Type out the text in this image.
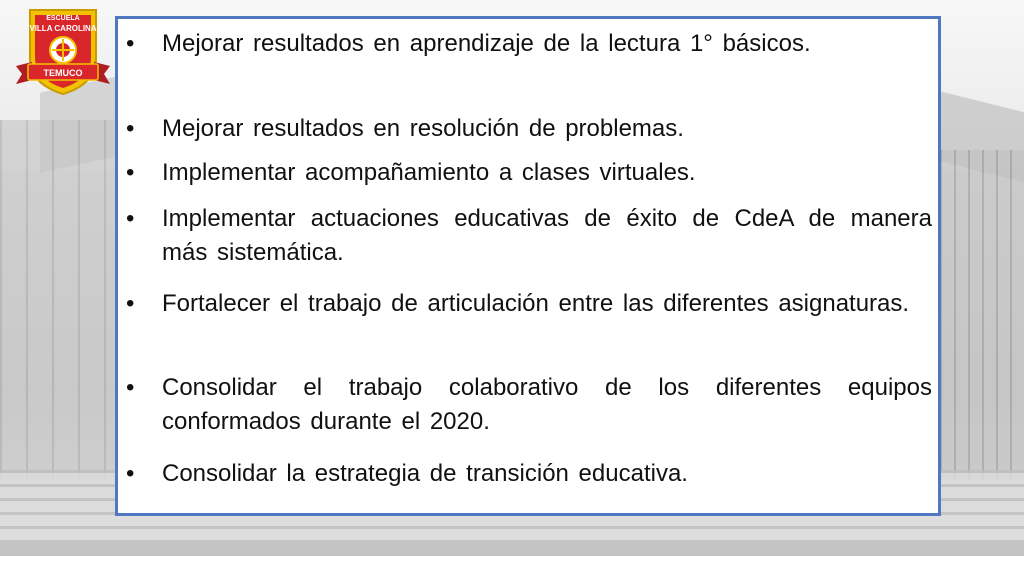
ESCUELA
VILLA CAROLINA
TEMUCO
• Mejorar resultados en aprendizaje de la lectura 1° básicos.
• Mejorar resultados en resolución de problemas.
• Implementar acompañamiento a clases virtuales.
• Implementar actuaciones educativas de éxito de CdeA de manera más sistemática.
• Fortalecer el trabajo de articulación entre las diferentes asignaturas.
• Consolidar el trabajo colaborativo de los diferentes equipos conformados durante el 2020.
• Consolidar la estrategia de transición educativa.
